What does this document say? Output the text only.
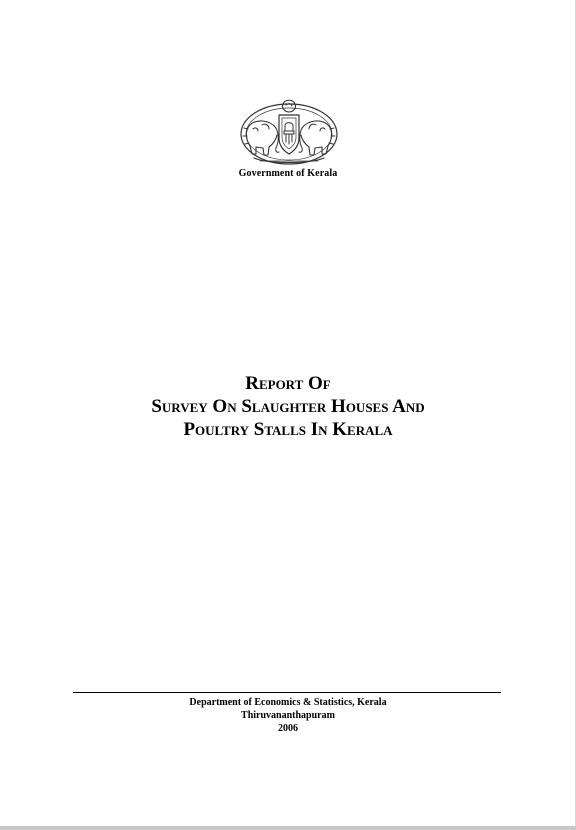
Government of Kerala
Report Of
Survey On Slaughter Houses And
Poultry Stalls In Kerala
Department of Economics & Statistics, Kerala
Thiruvananthapuram
2006
